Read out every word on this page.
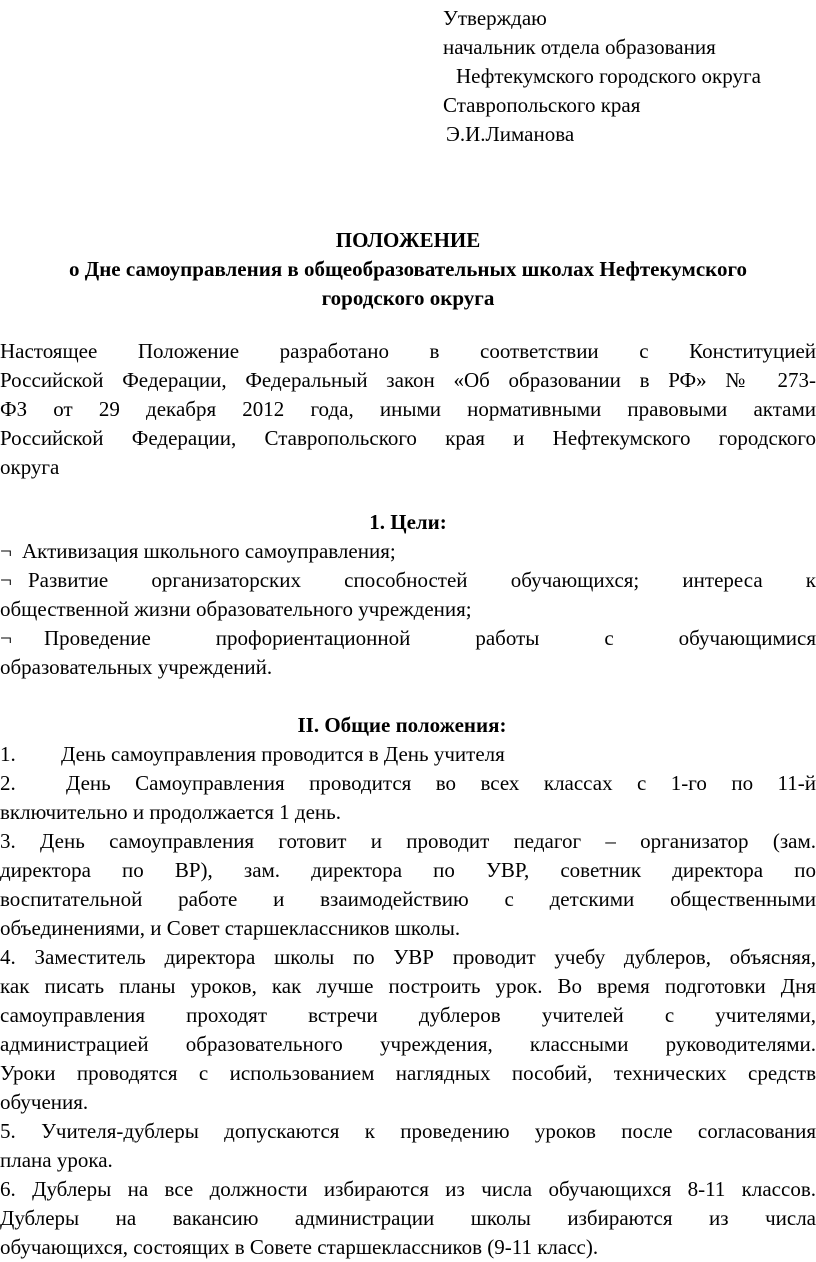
Утверждаю
начальник отдела образования
Нефтекумского городского округа
Ставропольского края
Э.И.Лиманова
ПОЛОЖЕНИЕ
о Дне самоуправления в общеобразовательных школах Нефтекумского
городского округа
Настоящее Положение разработано в соответствии с Конституцией
Российской Федерации, Федеральный закон «Об образовании в РФ» № 273-
ФЗ от 29 декабря 2012 года, иными нормативными правовыми актами
Российской Федерации, Ставропольского края и Нефтекумского городского
округа
1. Цели:
¬ Активизация школьного самоуправления;
¬ Развитие организаторских способностей обучающихся; интереса к
общественной жизни образовательного учреждения;
¬ Проведение профориентационной работы с обучающимися
образовательных учреждений.
II. Общие положения:
1. День самоуправления проводится в День учителя
2. День Самоуправления проводится во всех классах с 1-го по 11-й
включительно и продолжается 1 день.
3. День самоуправления готовит и проводит педагог – организатор (зам.
директора по ВР), зам. директора по УВР, советник директора по
воспитательной работе и взаимодействию с детскими общественными
объединениями, и Совет старшеклассников школы.
4. Заместитель директора школы по УВР проводит учебу дублеров, объясняя,
как писать планы уроков, как лучше построить урок. Во время подготовки Дня
самоуправления проходят встречи дублеров учителей с учителями,
администрацией образовательного учреждения, классными руководителями.
Уроки проводятся с использованием наглядных пособий, технических средств
обучения.
5. Учителя-дублеры допускаются к проведению уроков после согласования
плана урока.
6. Дублеры на все должности избираются из числа обучающихся 8-11 классов.
Дублеры на вакансию администрации школы избираются из числа
обучающихся, состоящих в Совете старшеклассников (9-11 класс).
